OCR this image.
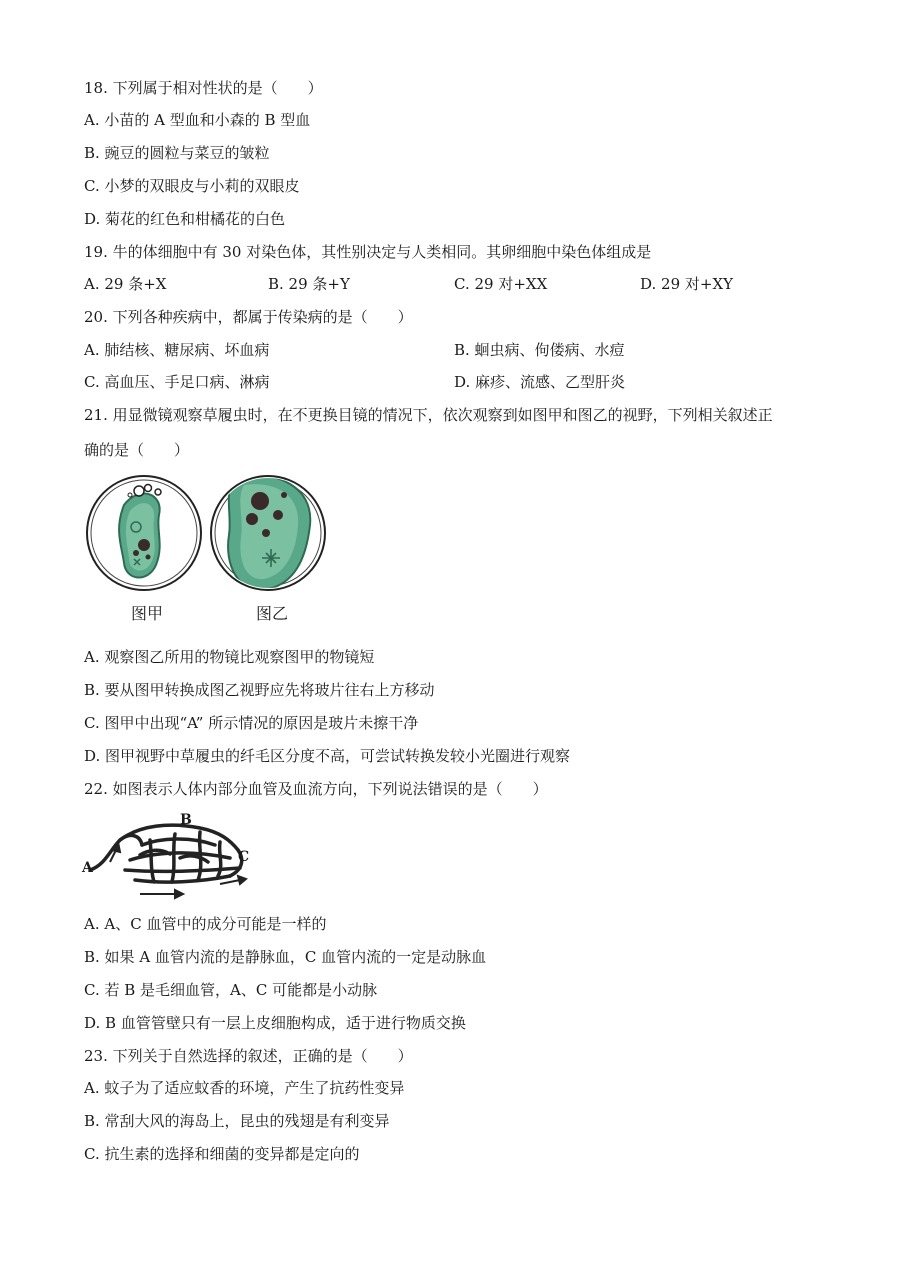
18. 下列属于相对性状的是（　　）
A. 小苗的 A 型血和小森的 B 型血
B. 豌豆的圆粒与菜豆的皱粒
C. 小梦的双眼皮与小莉的双眼皮
D. 菊花的红色和柑橘花的白色
19. 牛的体细胞中有 30 对染色体，其性别决定与人类相同。其卵细胞中染色体组成是
A. 29 条+X	B. 29 条+Y	C. 29 对+XX	D. 29 对+XY
20. 下列各种疾病中，都属于传染病的是（　　）
A. 肺结核、糖尿病、坏血病	B. 蛔虫病、佝偻病、水痘
C. 高血压、手足口病、淋病	D. 麻疹、流感、乙型肝炎
21. 用显微镜观察草履虫时，在不更换目镜的情况下，依次观察到如图甲和图乙的视野，下列相关叙述正
确的是（　　）
图甲	图乙
A. 观察图乙所用的物镜比观察图甲的物镜短
B. 要从图甲转换成图乙视野应先将玻片往右上方移动
C. 图甲中出现“A” 所示情况的原因是玻片未擦干净
D. 图甲视野中草履虫的纤毛区分度不高，可尝试转换发较小光圈进行观察
22. 如图表示人体内部分血管及血流方向，下列说法错误的是（　　）
A
B
C
A. A、C 血管中的成分可能是一样的
B. 如果 A 血管内流的是静脉血，C 血管内流的一定是动脉血
C. 若 B 是毛细血管，A、C 可能都是小动脉
D. B 血管管壁只有一层上皮细胞构成，适于进行物质交换
23. 下列关于自然选择的叙述，正确的是（　　）
A. 蚊子为了适应蚊香的环境，产生了抗药性变异
B. 常刮大风的海岛上，昆虫的残翅是有利变异
C. 抗生素的选择和细菌的变异都是定向的
